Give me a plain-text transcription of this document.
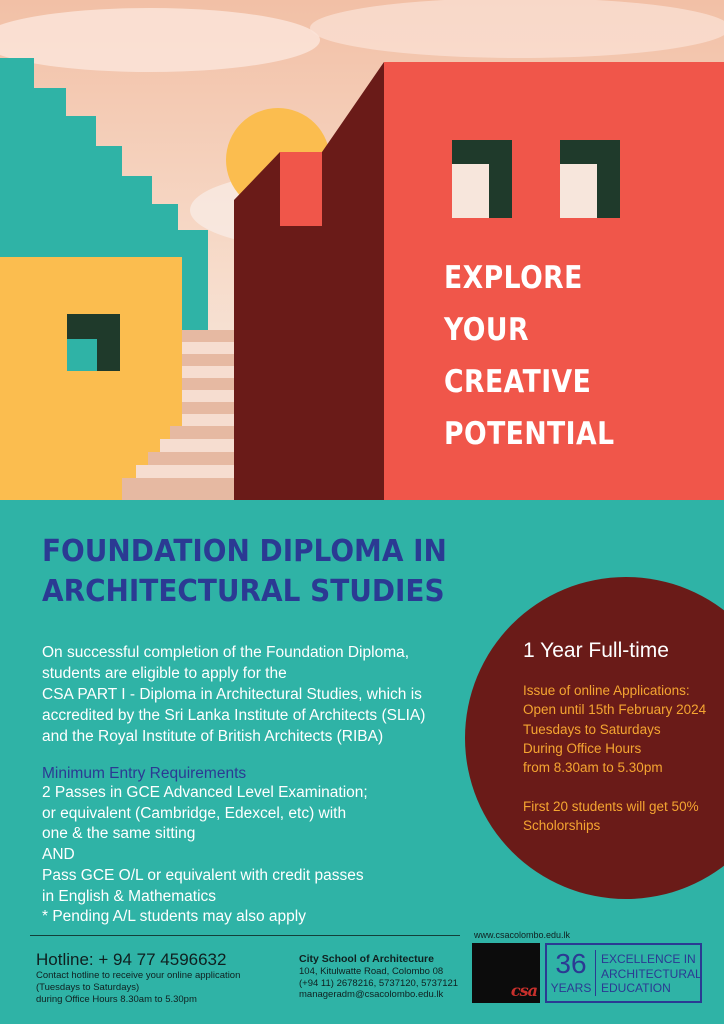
EXPLORE
YOUR
CREATIVE
POTENTIAL
FOUNDATION DIPLOMA IN
ARCHITECTURAL STUDIES

On successful completion of the Foundation Diploma,
students are eligible to apply for the
CSA PART I - Diploma in Architectural Studies, which is
accredited by the Sri Lanka Institute of Architects (SLIA)
and the Royal Institute of British Architects (RIBA)

Minimum Entry Requirements

2 Passes in GCE Advanced Level Examination;
or equivalent (Cambridge, Edexcel, etc) with
one & the same sitting
AND
Pass GCE O/L or equivalent with credit passes
in English & Mathematics
* Pending A/L students may also apply

1 Year Full-time
Issue of online Applications:
Open until 15th February 2024
Tuesdays to Saturdays
During Office Hours
from 8.30am to 5.30pm

First 20 students will get 50%
Scholorships
Hotline: + 94 77 4596632
Contact hotline to receive your online application
(Tuesdays to Saturdays)
during Office Hours 8.30am to 5.30pm
City School of Architecture
104, Kitulwatte Road, Colombo 08
(+94 11) 2678216, 5737120, 5737121
manageradm@csacolombo.edu.lk
www.csacolombo.edu.lk
csa
36
YEARS
EXCELLENCE IN
ARCHITECTURAL
EDUCATION
